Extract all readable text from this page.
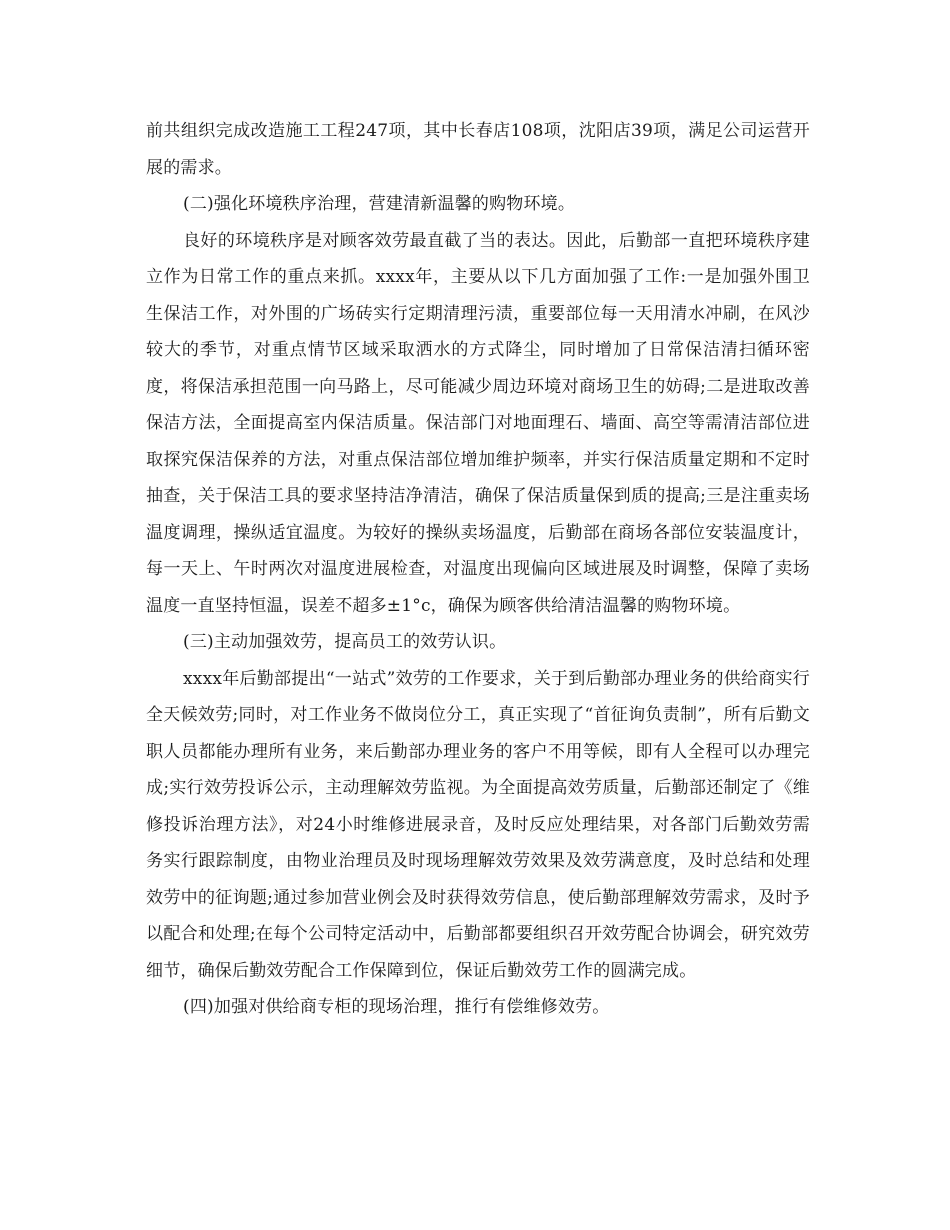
前共组织完成改造施工工程247项，其中长春店108项，沈阳店39项，满足公司运营开展的需求。

(二)强化环境秩序治理，营建清新温馨的购物环境。

良好的环境秩序是对顾客效劳最直截了当的表达。因此，后勤部一直把环境秩序建立作为日常工作的重点来抓。xxxx年，主要从以下几方面加强了工作:一是加强外围卫生保洁工作，对外围的广场砖实行定期清理污渍，重要部位每一天用清水冲刷，在风沙较大的季节，对重点情节区域采取洒水的方式降尘，同时增加了日常保洁清扫循环密度，将保洁承担范围一向马路上，尽可能减少周边环境对商场卫生的妨碍;二是进取改善保洁方法，全面提高室内保洁质量。保洁部门对地面理石、墙面、高空等需清洁部位进取探究保洁保养的方法，对重点保洁部位增加维护频率，并实行保洁质量定期和不定时抽查，关于保洁工具的要求坚持洁净清洁，确保了保洁质量保到质的提高;三是注重卖场温度调理，操纵适宜温度。为较好的操纵卖场温度，后勤部在商场各部位安装温度计，每一天上、午时两次对温度进展检查，对温度出现偏向区域进展及时调整，保障了卖场温度一直坚持恒温，误差不超多±1°c，确保为顾客供给清洁温馨的购物环境。

(三)主动加强效劳，提高员工的效劳认识。

xxxx年后勤部提出“一站式”效劳的工作要求，关于到后勤部办理业务的供给商实行全天候效劳;同时，对工作业务不做岗位分工，真正实现了“首征询负责制”，所有后勤文职人员都能办理所有业务，来后勤部办理业务的客户不用等候，即有人全程可以办理完成;实行效劳投诉公示，主动理解效劳监视。为全面提高效劳质量，后勤部还制定了《维修投诉治理方法》，对24小时维修进展录音，及时反应处理结果，对各部门后勤效劳需务实行跟踪制度，由物业治理员及时现场理解效劳效果及效劳满意度，及时总结和处理效劳中的征询题;通过参加营业例会及时获得效劳信息，使后勤部理解效劳需求，及时予以配合和处理;在每个公司特定活动中，后勤部都要组织召开效劳配合协调会，研究效劳细节，确保后勤效劳配合工作保障到位，保证后勤效劳工作的圆满完成。

(四)加强对供给商专柜的现场治理，推行有偿维修效劳。
